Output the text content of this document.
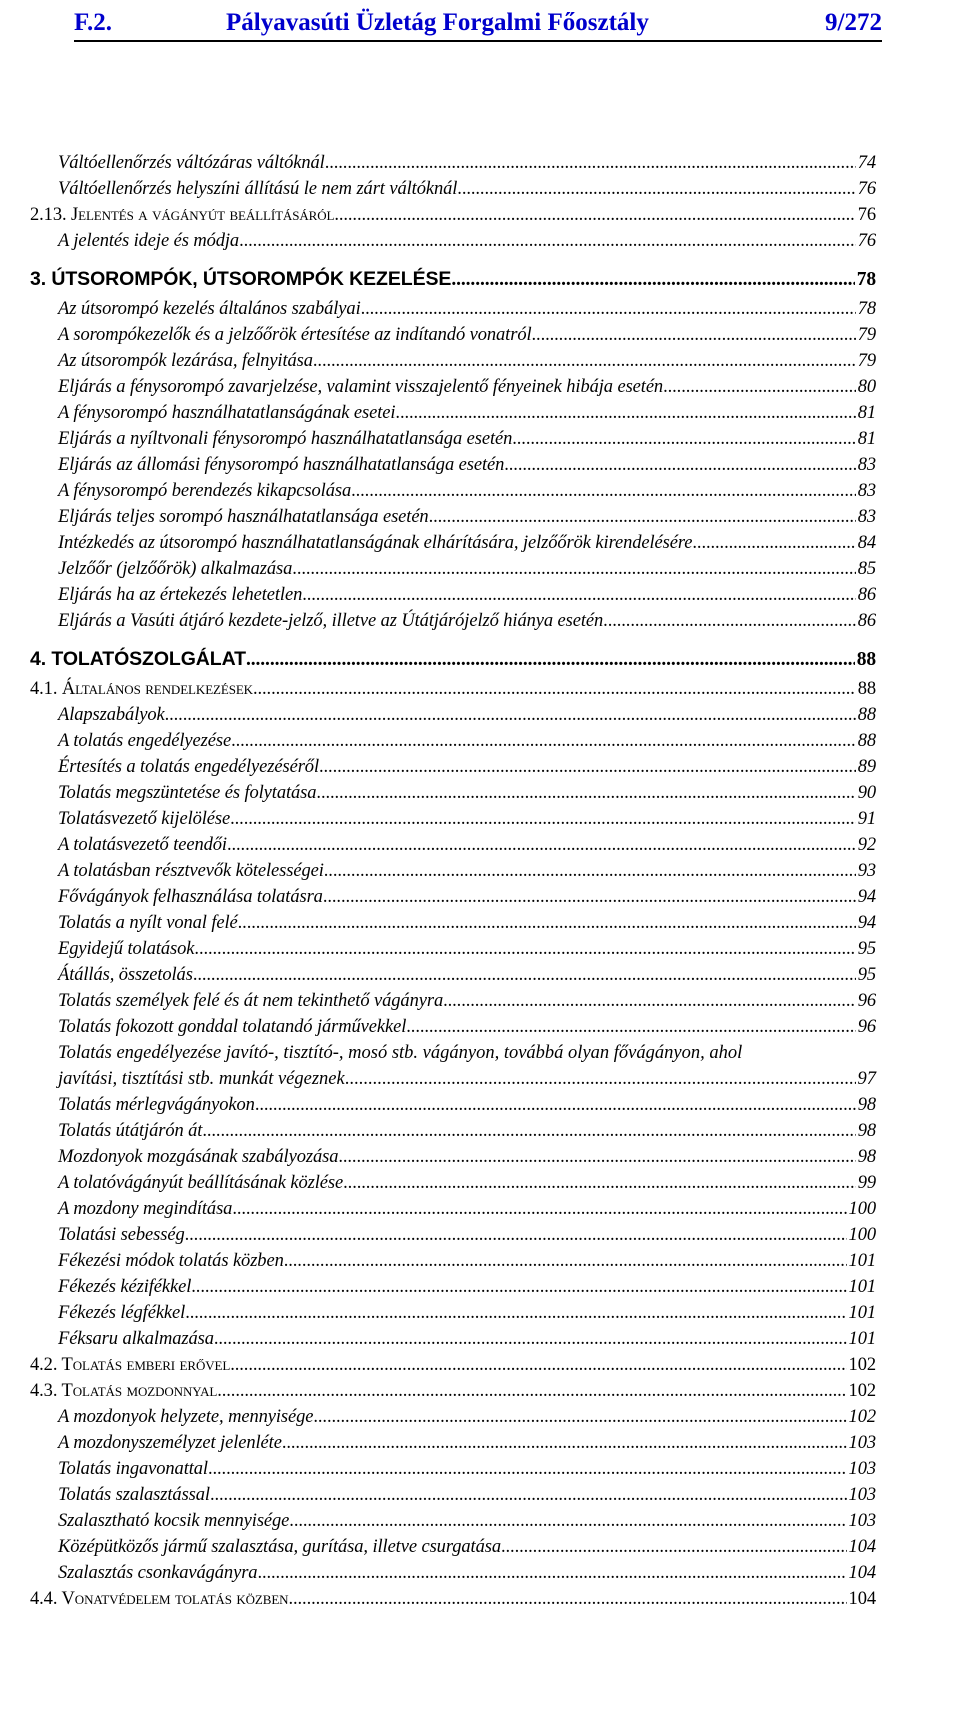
F.2.	Pályavasúti Üzletág Forgalmi Főosztály	9/272
Váltóellenőrzés váltózáras váltóknál .....	74
Váltóellenőrzés helyszíni állítású le nem zárt váltóknál .....	76
2.13. Jelentés a vágányút beállításáról .....	76
A jelentés ideje és módja .....	76
3. ÚTSOROMPÓK, ÚTSOROMPÓK KEZELÉSE .....	78
Az útsorompó kezelés általános szabályai .....	78
A sorompókezelők és a jelzőőrök értesítése az indítandó vonatról .....	79
Az útsorompók lezárása, felnyitása .....	79
Eljárás a fénysorompó zavarjelzése, valamint visszajelentő fényeinek hibája esetén .....	80
A fénysorompó használhatatlanságának esetei .....	81
Eljárás a nyíltvonali fénysorompó használhatatlansága esetén .....	81
Eljárás az állomási fénysorompó használhatatlansága esetén .....	83
A fénysorompó berendezés kikapcsolása .....	83
Eljárás teljes sorompó használhatatlansága esetén .....	83
Intézkedés az útsorompó használhatatlanságának elhárítására, jelzőőrök kirendelésére .....	84
Jelzőőr (jelzőőrök) alkalmazása .....	85
Eljárás ha az értekezés lehetetlen .....	86
Eljárás a Vasúti átjáró kezdete-jelző, illetve az Útátjárójelző hiánya esetén .....	86
4. TOLATÓSZOLGÁLAT .....	88
4.1. Általános rendelkezések .....	88
Alapszabályok .....	88
A tolatás engedélyezése .....	88
Értesítés a tolatás engedélyezéséről .....	89
Tolatás megszüntetése és folytatása .....	90
Tolatásvezető kijelölése .....	91
A tolatásvezető teendői .....	92
A tolatásban résztvevők kötelességei .....	93
Fővágányok felhasználása tolatásra .....	94
Tolatás a nyílt vonal felé .....	94
Egyidejű tolatások .....	95
Átállás, összetolás .....	95
Tolatás személyek felé és át nem tekinthető vágányra .....	96
Tolatás fokozott gonddal tolatandó járművekkel .....	96
Tolatás engedélyezése javító-, tisztító-, mosó stb. vágányon, továbbá olyan fővágányon, ahol
javítási, tisztítási stb. munkát végeznek .....	97
Tolatás mérlegvágányokon .....	98
Tolatás útátjárón át .....	98
Mozdonyok mozgásának szabályozása .....	98
A tolatóvágányút beállításának közlése .....	99
A mozdony megindítása .....	100
Tolatási sebesség .....	100
Fékezési módok tolatás közben .....	101
Fékezés kézifékkel .....	101
Fékezés légfékkel .....	101
Féksaru alkalmazása .....	101
4.2. Tolatás emberi erővel .....	102
4.3. Tolatás mozdonnyal .....	102
A mozdonyok helyzete, mennyisége .....	102
A mozdonyszemélyzet jelenléte .....	103
Tolatás ingavonattal .....	103
Tolatás szalasztással .....	103
Szalasztható kocsik mennyisége .....	103
Középütközős jármű szalasztása, gurítása, illetve csurgatása .....	104
Szalasztás csonkavágányra .....	104
4.4. Vonatvédelem tolatás közben .....	104
